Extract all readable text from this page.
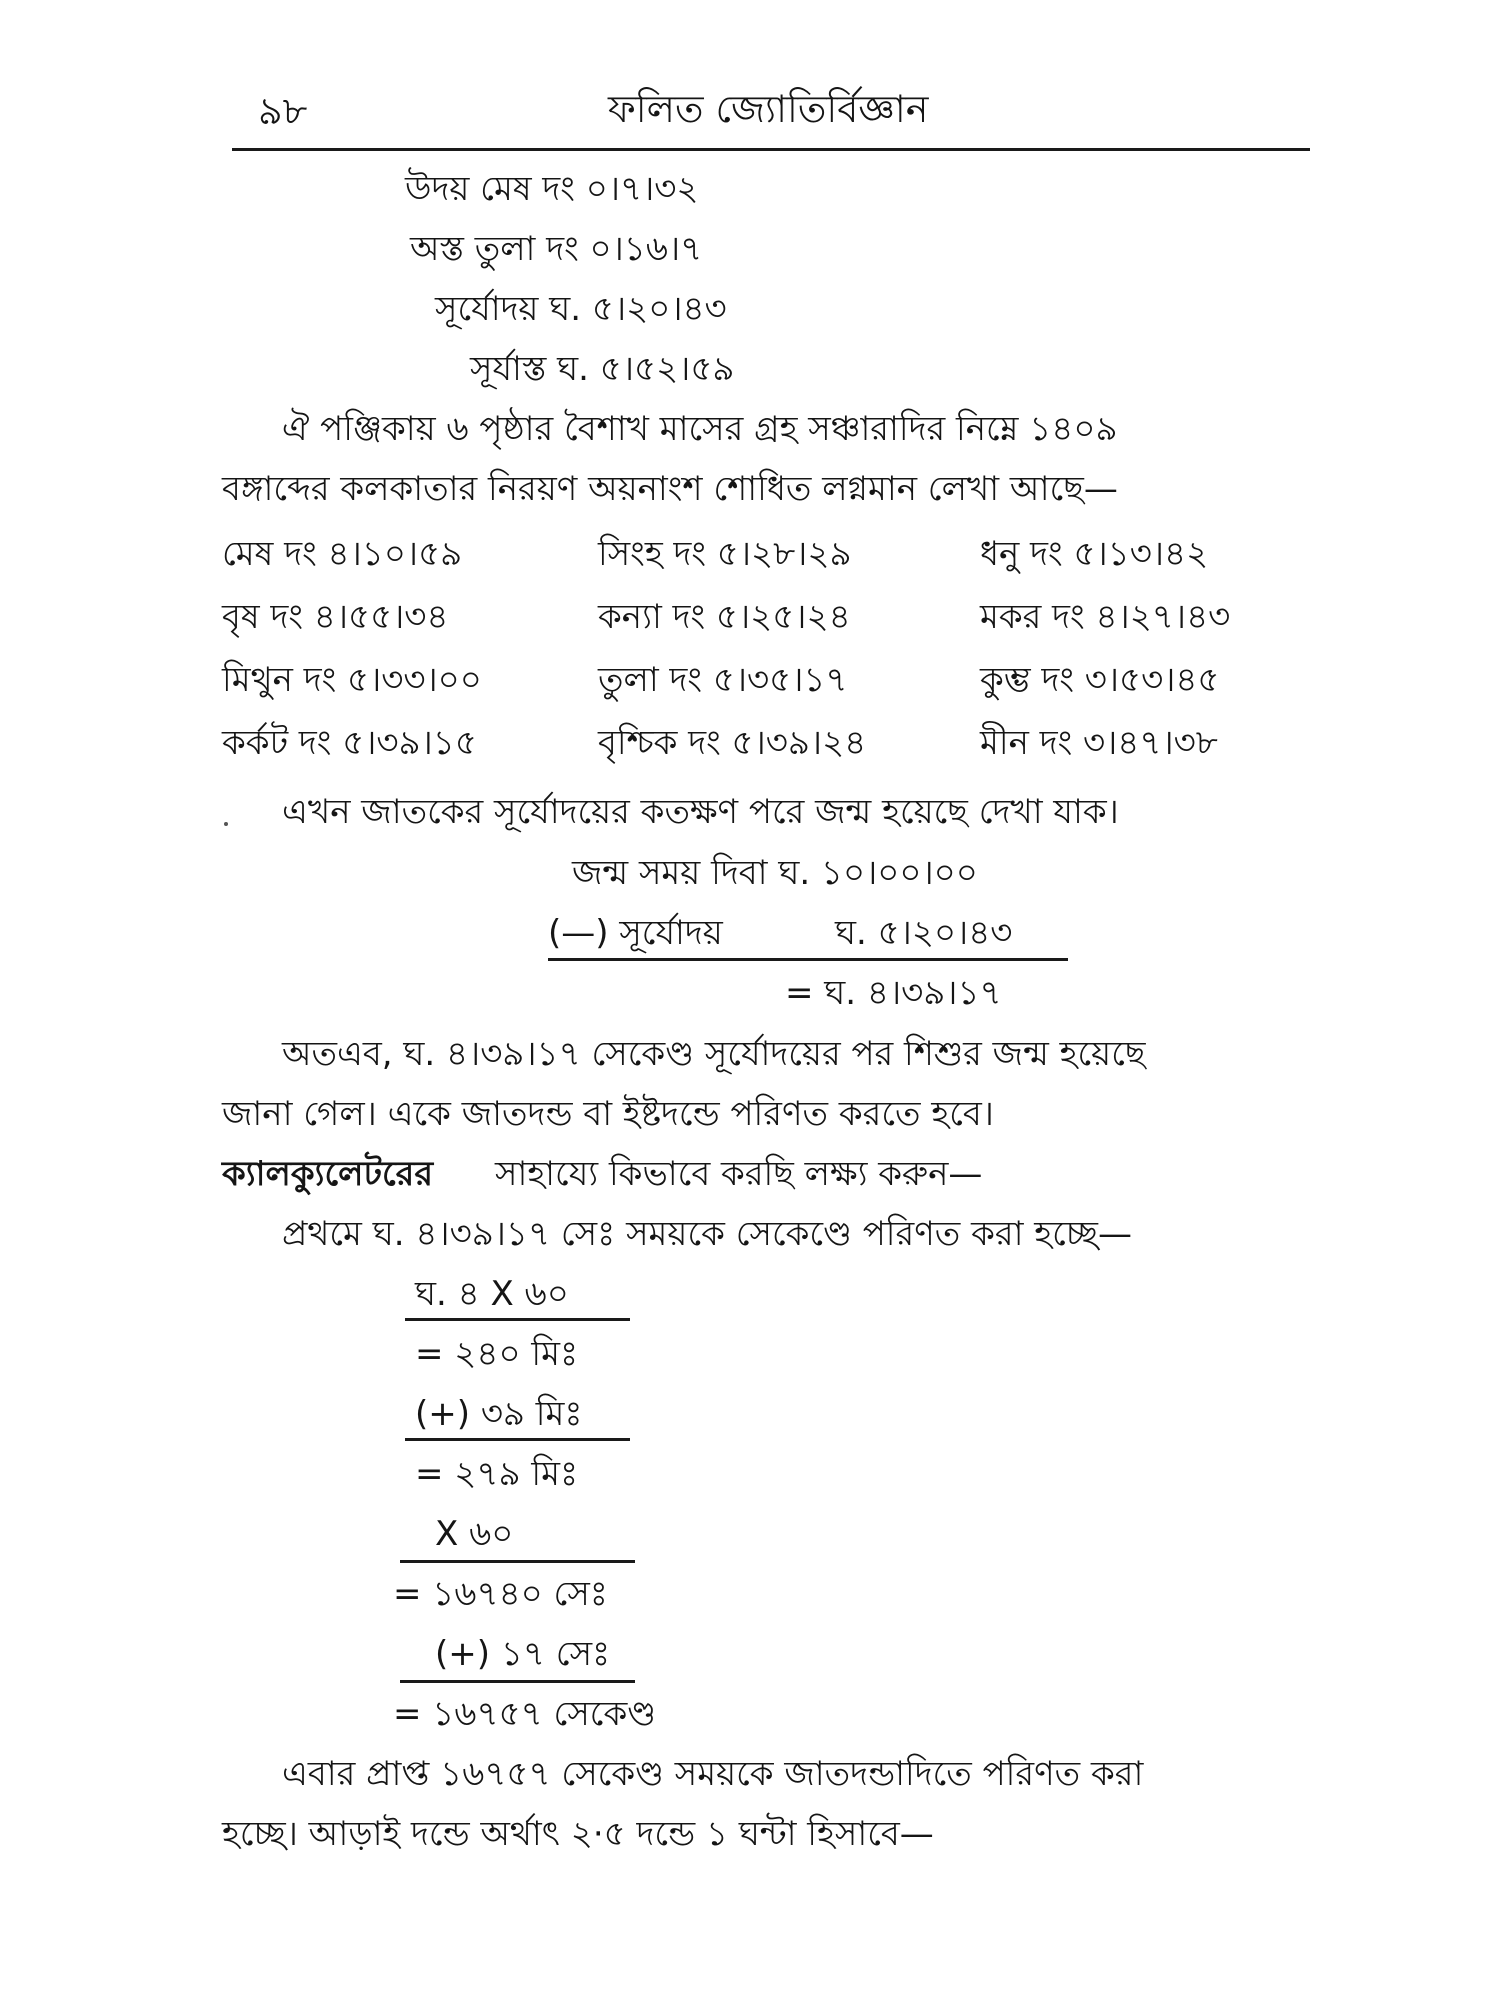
৯৮	ফলিত জ্যোতির্বিজ্ঞান
উদয় মেষ দং ০।৭।৩২
অস্ত তুলা দং ০।১৬।৭
সূর্যোদয় ঘ. ৫।২০।৪৩
সূর্যাস্ত ঘ. ৫।৫২।৫৯
ঐ পঞ্জিকায় ৬ পৃষ্ঠার বৈশাখ মাসের গ্রহ সঞ্চারাদির নিম্নে ১৪০৯
বঙ্গাব্দের কলকাতার নিরয়ণ অয়নাংশ শোধিত লগ্নমান লেখা আছে—
মেষ দং ৪।১০।৫৯	সিংহ দং ৫।২৮।২৯	ধনু দং ৫।১৩।৪২
বৃষ দং ৪।৫৫।৩৪	কন্যা দং ৫।২৫।২৪	মকর দং ৪।২৭।৪৩
মিথুন দং ৫।৩৩।০০	তুলা দং ৫।৩৫।১৭	কুম্ভ দং ৩।৫৩।৪৫
কর্কট দং ৫।৩৯।১৫	বৃশ্চিক দং ৫।৩৯।২৪	মীন দং ৩।৪৭।৩৮
এখন জাতকের সূর্যোদয়ের কতক্ষণ পরে জন্ম হয়েছে দেখা যাক।
জন্ম সময় দিবা ঘ. ১০।০০।০০
(—) সূর্যোদয়	ঘ. ৫।২০।৪৩
= ঘ. ৪।৩৯।১৭
অতএব, ঘ. ৪।৩৯।১৭ সেকেণ্ড সূর্যোদয়ের পর শিশুর জন্ম হয়েছে
জানা গেল। একে জাতদন্ড বা ইষ্টদন্ডে পরিণত করতে হবে।
ক্যালক্যুলেটরের সাহায্যে কিভাবে করছি লক্ষ্য করুন—
প্রথমে ঘ. ৪।৩৯।১৭ সেঃ সময়কে সেকেণ্ডে পরিণত করা হচ্ছে—
ঘ. ৪ X ৬০
= ২৪০ মিঃ
(+) ৩৯ মিঃ
= ২৭৯ মিঃ
X ৬০
= ১৬৭৪০ সেঃ
(+) ১৭ সেঃ
= ১৬৭৫৭ সেকেণ্ড
এবার প্রাপ্ত ১৬৭৫৭ সেকেণ্ড সময়কে জাতদন্ডাদিতে পরিণত করা
হচ্ছে। আড়াই দন্ডে অর্থাৎ ২·৫ দন্ডে ১ ঘন্টা হিসাবে—
